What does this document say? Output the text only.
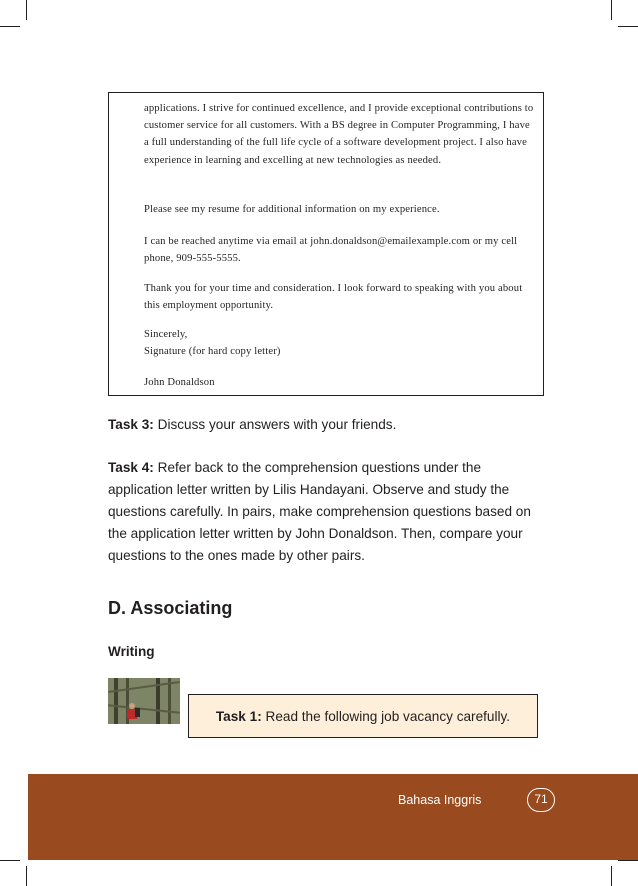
applications. I strive for continued excellence, and I provide exceptional contributions to customer service for all customers. With a BS degree in Computer Programming, I have a full understanding of the full life cycle of a software development project. I also have experience in learning and excelling at new technologies as needed.

Please see my resume for additional information on my experience.

I can be reached anytime via email at john.donaldson@emailexample.com or my cell phone, 909-555-5555.

Thank you for your time and consideration. I look forward to speaking with you about this employment opportunity.

Sincerely,

Signature (for hard copy letter)

John Donaldson

Task 3: Discuss your answers with your friends.
Task 4: Refer back to the comprehension questions under the application letter written by Lilis Handayani. Observe and study the questions carefully. In pairs, make comprehension questions based on the application letter written by John Donaldson. Then, compare your questions to the ones made by other pairs.
D. Associating
Writing
Task 1: Read the following job vacancy carefully.
Bahasa Inggris	71
